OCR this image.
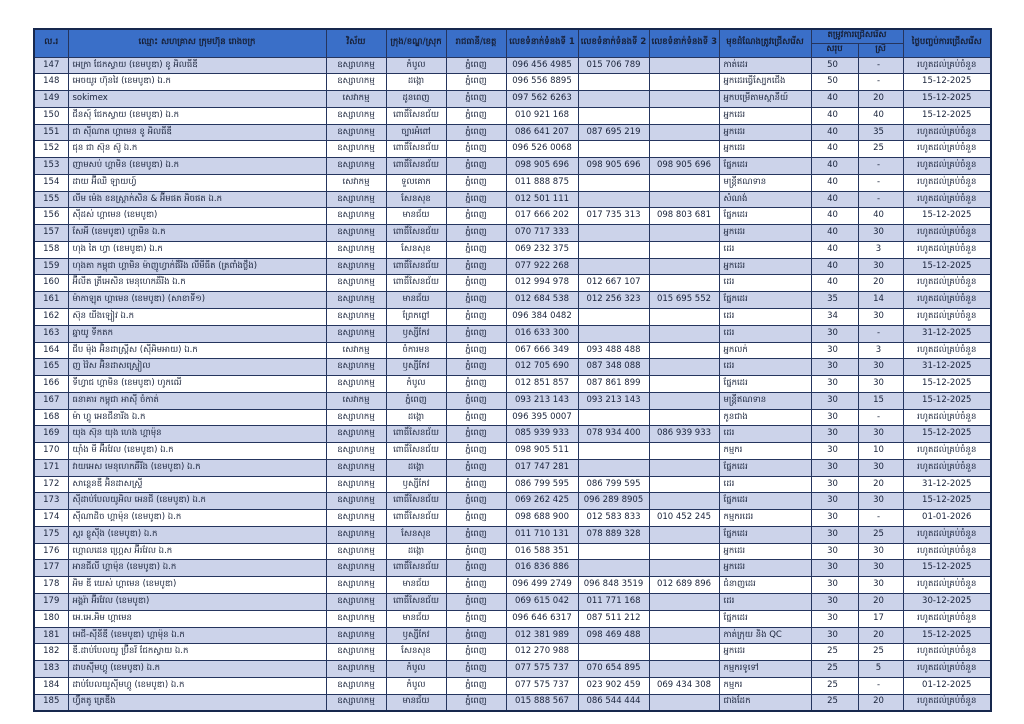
ល.រ	ឈ្មោះ សហគ្រាស ក្រុមហ៊ុន រោងចក្រ	វិស័យ	ក្រុង/ខណ្ឌ/ស្រុក	រាជធានី/ខេត្ត	លេខទំនាក់ទំនងទី 1	លេខទំនាក់ទំនងទី 2	លេខទំនាក់ទំនងទី 3	មុខដំណែងត្រូវជ្រើសរើស	តម្រូវការជ្រើសរើស		ថ្ងៃបញ្ចប់ការជ្រើសរើស
									សរុប	ស្រី	
147	អេក្រា ជែកស្វាយ (ខេមបូឌា) ខូ អិលធីឌី	ឧស្សាហកម្ម	កំបូល	ភ្នំពេញ	096 456 4985	015 706 789		កាត់ដេរ	50	-	រហូតដល់គ្រប់ចំនួន
148	អេចយូរ ហ៊ុនវៃ (ខេមបូឌា) ឯ.ក	ឧស្សាហកម្ម	ដង្កោ	ភ្នំពេញ	096 556 8895			អ្នកដេរធ្វើស្បែកជើង	50	-	15-12-2025
149	sokimex	សេវាកម្ម	ដូនពេញ	ភ្នំពេញ	097 562 6263			អ្នកបម្រើតាមស្ថានីយ៍	40	20	15-12-2025
150	ជីនសុ៍ ជែកស្វាយ (ខេមបូឌា) ឯ.ក	ឧស្សាហកម្ម	ពោធិ៍សែនជ័យ	ភ្នំពេញ	010 921 168			អ្នកដេរ	40	40	15-12-2025
151	ជា ស៊ីណាត ហ្គាមេន ខូ អិលធីឌី	ឧស្សាហកម្ម	ច្បារអំពៅ	ភ្នំពេញ	086 641 207	087 695 219		អ្នកដេរ	40	35	រហូតដល់គ្រប់ចំនួន
152	ជុន ជា ស៊ុន ស៊ូ ឯ.ក	ឧស្សាហកម្ម	ពោធិ៍សែនជ័យ	ភ្នំពេញ	096 526 0068			អ្នកដេរ	40	25	រហូតដល់គ្រប់ចំនួន
153	ញាមសប់ ហ្គាមិន (ខេមបូឌា) ឯ.ក	ឧស្សាហកម្ម	ពោធិ៍សែនជ័យ	ភ្នំពេញ	098 905 696	098 905 696	098 905 696	ផ្នែកដេរ	40	-	រហូតដល់គ្រប់ចំនួន
154	ដាយ អ៊ីឈិ ឡាយហ្វ៍	សេវាកម្ម	ទួលគោក	ភ្នំពេញ	011 888 875			មន្ត្រីឥណទាន	40	-	រហូតដល់គ្រប់ចំនួន
155	លីម ម៉េង ខនស្ត្រាក់សិន & អ៊ីមផត អិចផត ឯ.ក	ឧស្សាហកម្ម	សែនសុខ	ភ្នំពេញ	012 501 111			សំណង់	40	-	រហូតដល់គ្រប់ចំនួន
156	ស៊ីដស់ ហ្គាមេន (ខេមបូឌា)	ឧស្សាហកម្ម	មានជ័យ	ភ្នំពេញ	017 666 202	017 735 313	098 803 681	ផ្នែកដេរ	40	40	15-12-2025
157	សែអី (ខេមបូឌា) ហ្គាមិន ឯ.ក	ឧស្សាហកម្ម	ពោធិ៍សែនជ័យ	ភ្នំពេញ	070 717 333			អ្នកដេរ	40	30	រហូតដល់គ្រប់ចំនួន
158	ហុង តៃ ហ្វា (ខេមបូឌា) ឯ.ក	ឧស្សាហកម្ម	សែនសុខ	ភ្នំពេញ	069 232 375			ដេរ	40	3	រហូតដល់គ្រប់ចំនួន
159	ហុងតា កម្ពុជា ហ្គាមិន ម៉ាញូហ្វាក់ផឺរិង លីមីធីត (ត្រពាំងថ្លឹង)	ឧស្សាហកម្ម	ពោធិ៍សែនជ័យ	ភ្នំពេញ	077 922 268			អ្នកដេរ	40	30	15-12-2025
160	អ៊ីលីត ត្រីអេសិន មេនុហេកឆឺរិង ឯ.ក	ឧស្សាហកម្ម	ពោធិ៍សែនជ័យ	ភ្នំពេញ	012 994 978	012 667 107		ដេរ	40	20	រហូតដល់គ្រប់ចំនួន
161	ម៉ាកាឡុត ហ្គាមេន (ខេមបូឌា) (សាខាទី១)	ឧស្សាហកម្ម	មានជ័យ	ភ្នំពេញ	012 684 538	012 256 323	015 695 552	ផ្នែកដេរ	35	14	រហូតដល់គ្រប់ចំនួន
162	ស៊ុន យីងឡៀវ ឯ.ក	ឧស្សាហកម្ម	ព្រែកព្នៅ	ភ្នំពេញ	096 384 0482			ដេរ	34	30	រហូតដល់គ្រប់ចំនួន
163	ឆ្នាយូ ទីកតក	ឧស្សាហកម្ម	ឫស្សីកែវ	ភ្នំពេញ	016 633 300			ដេរ	30	-	31-12-2025
164	ជីប ម៉ុង អ៊ិនដាស្ត្រីស (ស៊ីអិមអាយ) ឯ.ក	សេវាកម្ម	ចំការមន	ភ្នំពេញ	067 666 349	093 488 488		អ្នកលក់	30	3	រហូតដល់គ្រប់ចំនួន
165	ញ វ៉ៃស អ៊ិនដាសស្ទ្រៀល	ឧស្សាហកម្ម	ឫស្សីកែវ	ភ្នំពេញ	012 705 690	087 348 088		ដេរ	30	30	31-12-2025
166	ទីហ្វាជ ហ្គាមិន (ខេមបូឌា) ហូកឍើ	ឧស្សាហកម្ម	កំបូល	ភ្នំពេញ	012 851 857	087 861 899		ផ្នែកដេរ	30	30	15-12-2025
167	ធនាគារ កម្ពុជា អាស៊ី ចំកាត់	សេវាកម្ម	ភ្នំពេញ	ភ្នំពេញ	093 213 143	093 213 143		មន្ត្រីឥណទាន	30	15	15-12-2025
168	ម៉ា ហ្គូ អេនជីនារីង ឯ.ក	ឧស្សាហកម្ម	ដង្កោ	ភ្នំពេញ	096 395 0007			កូនជាង	30	-	រហូតដល់គ្រប់ចំនួន
169	យុង ស៊ុន យុង ហេង ហ្គាម៉ុន	ឧស្សាហកម្ម	ពោធិ៍សែនជ័យ	ភ្នំពេញ	085 939 933	078 934 400	086 939 933	ដេរ	30	30	15-12-2025
170	យ៉ាំង មី អ៊ីរវែល (ខេមបូឌា) ឯ.ក	ឧស្សាហកម្ម	ពោធិ៍សែនជ័យ	ភ្នំពេញ	098 905 511			កម្មករ	30	10	រហូតដល់គ្រប់ចំនួន
171	វាយអេស មេនុហេកឆឺរីង (ខេមបូឌា) ឯ.ក	ឧស្សាហកម្ម	ដង្កោ	ភ្នំពេញ	017 747 281			ផ្នែកដេរ	30	30	រហូតដល់គ្រប់ចំនួន
172	សាន្តេនឌឺ អ៊ិនដាសស្ទ្រី	ឧស្សាហកម្ម	ឫស្សីកែវ	ភ្នំពេញ	086 799 595	086 799 595		ដេរ	30	20	31-12-2025
173	ស៊ីដាប់បែលយូអិល អេនជី (ខេមបូឌា) ឯ.ក	ឧស្សាហកម្ម	ពោធិ៍សែនជ័យ	ភ្នំពេញ	069 262 425	096 289 8905		ផ្នែកដេរ	30	30	15-12-2025
174	ស៊ីណាដិច ហ្គាម៉ុន (ខេមបូឌា) ឯ.ក	ឧស្សាហកម្ម	ពោធិ៍សែនជ័យ	ភ្នំពេញ	098 688 900	012 583 833	010 452 245	កម្មករដេរ	30	-	01-01-2026
175	ស្គរ ខ្លូស៊ីង (ខេមបូឌា) ឯ.ក	ឧស្សាហកម្ម	សែនសុខ	ភ្នំពេញ	011 710 131	078 889 328		ផ្នែកដេរ	30	25	រហូតដល់គ្រប់ចំនួន
176	ហ្គោលដេន ហ្គ្រេស អ៊ីរវែល ឯ.ក	ឧស្សាហកម្ម	ដង្កោ	ភ្នំពេញ	016 588 351			អ្នកដេរ	30	30	រហូតដល់គ្រប់ចំនួន
177	អានជីលី ហ្គាម៉ុន (ខេមបូឌា) ឯ.ក	ឧស្សាហកម្ម	ពោធិ៍សែនជ័យ	ភ្នំពេញ	016 836 886			អ្នកដេរ	30	30	15-12-2025
178	អិម ឌី យេស់ ហ្គាមេន (ខេមបូឌា)	ឧស្សាហកម្ម	មានជ័យ	ភ្នំពេញ	096 499 2749	096 848 3519	012 689 896	ជំនាញដេរ	30	30	រហូតដល់គ្រប់ចំនួន
179	អង្គរ៉ា អ៊ីរវែល (ខេមបូឌា)	ឧស្សាហកម្ម	ពោធិ៍សែនជ័យ	ភ្នំពេញ	069 615 042	011 771 168		ដេរ	30	20	30-12-2025
180	អេ.អេ.អិម ហ្គាមេន	ឧស្សាហកម្ម	មានជ័យ	ភ្នំពេញ	096 646 6317	087 511 212		ផ្នែកដេរ	30	17	រហូតដល់គ្រប់ចំនួន
181	អេជី-ស៊ីនីឌី (ខេមបូឌា) ហ្គាម៉ុន ឯ.ក	ឧស្សាហកម្ម	ឫស្សីកែវ	ភ្នំពេញ	012 381 989	098 469 488		កាត់ក្រុយ និង QC	30	20	15-12-2025
182	ឌី.ដាប់បែលយូ ប្រ៊ីនវ៍ ជែកស្វាយ ឯ.ក	ឧស្សាហកម្ម	សែនសុខ	ភ្នំពេញ	012 270 988			អ្នកដេរ	25	25	រហូតដល់គ្រប់ចំនួន
183	ដាបស៊ីមហ្គូ (ខេមបូឌា) ឯ.ក	ឧស្សាហកម្ម	កំបូល	ភ្នំពេញ	077 575 737	070 654 895		កម្មករទូទៅ	25	5	រហូតដល់គ្រប់ចំនួន
184	ដាប់បែលយូស៊ីមហ្គូ (ខេមបូឌា) ឯ.ក	ឧស្សាហកម្ម	កំបូល	ភ្នំពេញ	077 575 737	023 902 459	069 434 308	កម្មករ	25	-	01-12-2025
185	ហ្វ៊ីតតូ ត្រេឌីង	ឧស្សាហកម្ម	មានជ័យ	ភ្នំពេញ	015 888 567	086 544 444		ជាងដែក	25	20	រហូតដល់គ្រប់ចំនួន
